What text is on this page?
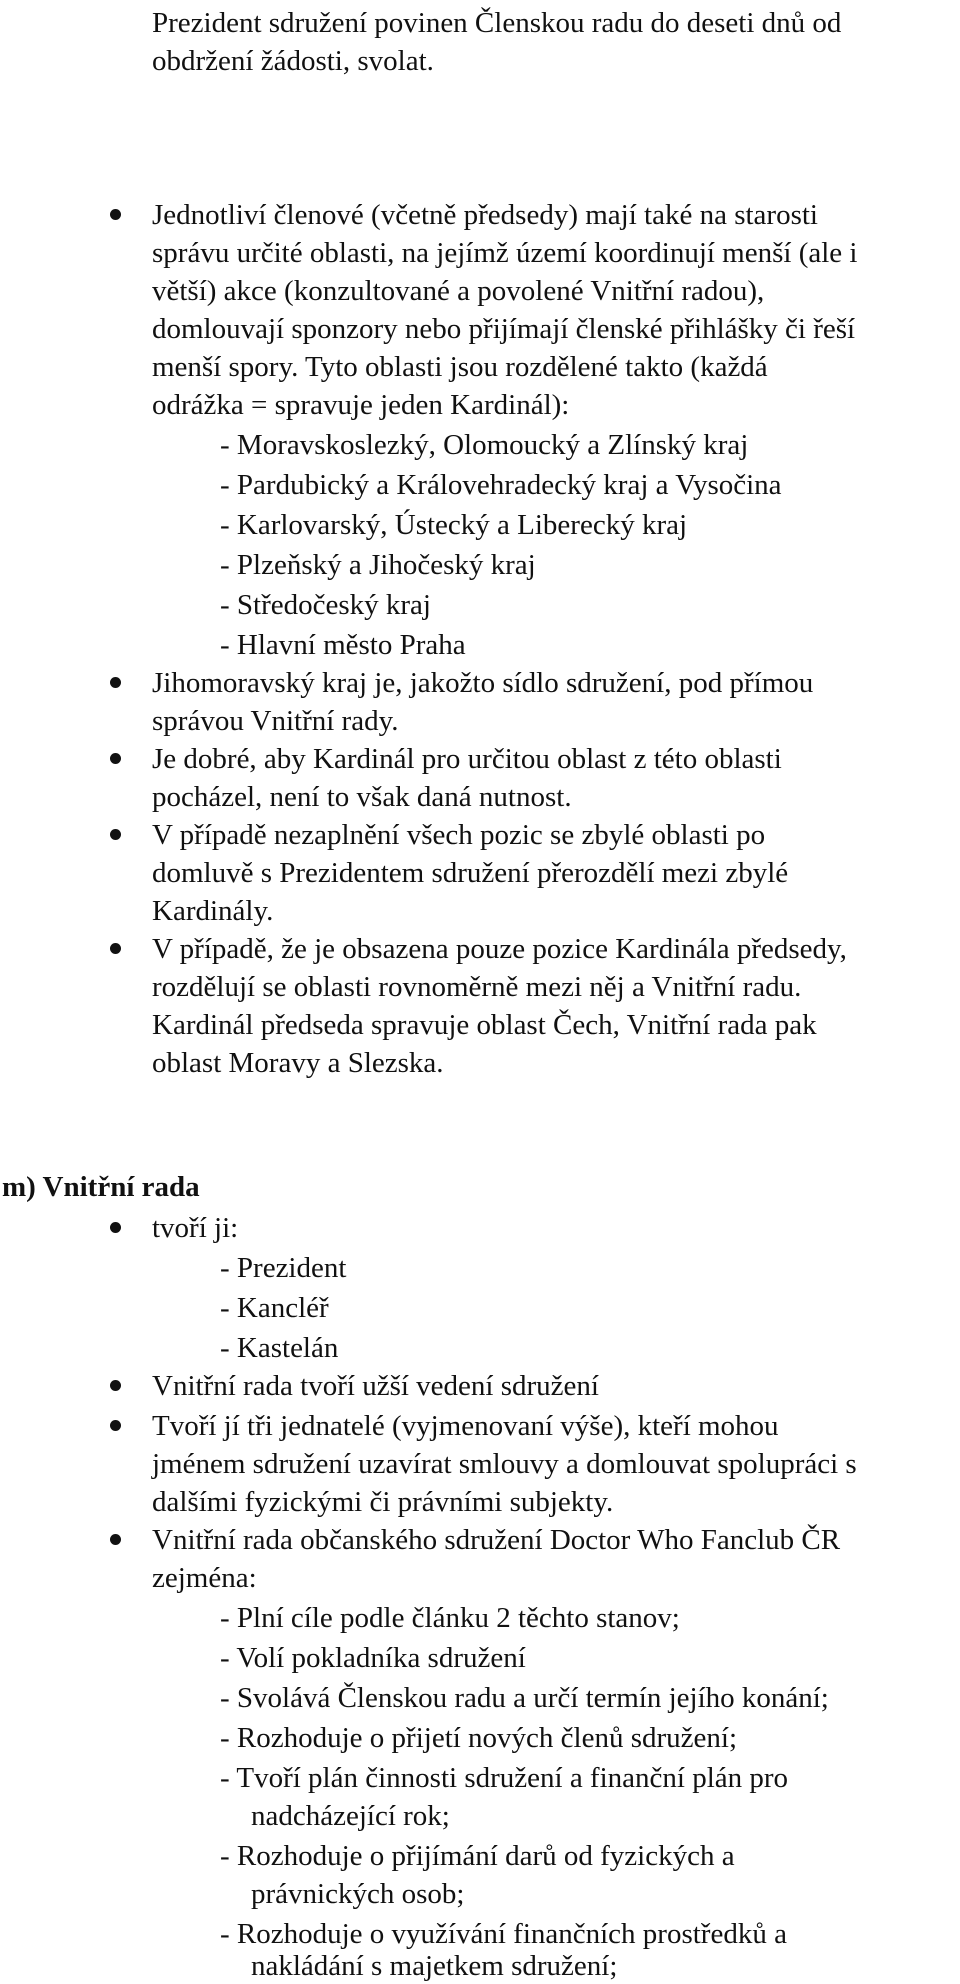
Prezident sdružení povinen Členskou radu do deseti dnů od
obdržení žádosti, svolat.
Jednotliví členové (včetně předsedy) mají také na starosti
správu určité oblasti, na jejímž území koordinují menší (ale i
větší) akce (konzultované a povolené Vnitřní radou),
domlouvají sponzory nebo přijímají členské přihlášky či řeší
menší spory. Tyto oblasti jsou rozdělené takto (každá
odrážka = spravuje jeden Kardinál):
- Moravskoslezký, Olomoucký a Zlínský kraj
- Pardubický a Královehradecký kraj a Vysočina
- Karlovarský, Ústecký a Liberecký kraj
- Plzeňský a Jihočeský kraj
- Středočeský kraj
- Hlavní město Praha
Jihomoravský kraj je, jakožto sídlo sdružení, pod přímou
správou Vnitřní rady.
Je dobré, aby Kardinál pro určitou oblast z této oblasti
pocházel, není to však daná nutnost.
V případě nezaplnění všech pozic se zbylé oblasti po
domluvě s Prezidentem sdružení přerozdělí mezi zbylé
Kardinály.
V případě, že je obsazena pouze pozice Kardinála předsedy,
rozdělují se oblasti rovnoměrně mezi něj a Vnitřní radu.
Kardinál předseda spravuje oblast Čech, Vnitřní rada pak
oblast Moravy a Slezska.
m) Vnitřní rada
tvoří ji:
- Prezident
- Kancléř
- Kastelán
Vnitřní rada tvoří užší vedení sdružení
Tvoří jí tři jednatelé (vyjmenovaní výše), kteří mohou
jménem sdružení uzavírat smlouvy a domlouvat spolupráci s
dalšími fyzickými či právními subjekty.
Vnitřní rada občanského sdružení Doctor Who Fanclub ČR
zejména:
- Plní cíle podle článku 2 těchto stanov;
- Volí pokladníka sdružení
- Svolává Členskou radu a určí termín jejího konání;
- Rozhoduje o přijetí nových členů sdružení;
- Tvoří plán činnosti sdružení a finanční plán pro
nadcházející rok;
- Rozhoduje o přijímání darů od fyzických a
právnických osob;
- Rozhoduje o využívání finančních prostředků a
nakládání s majetkem sdružení;
